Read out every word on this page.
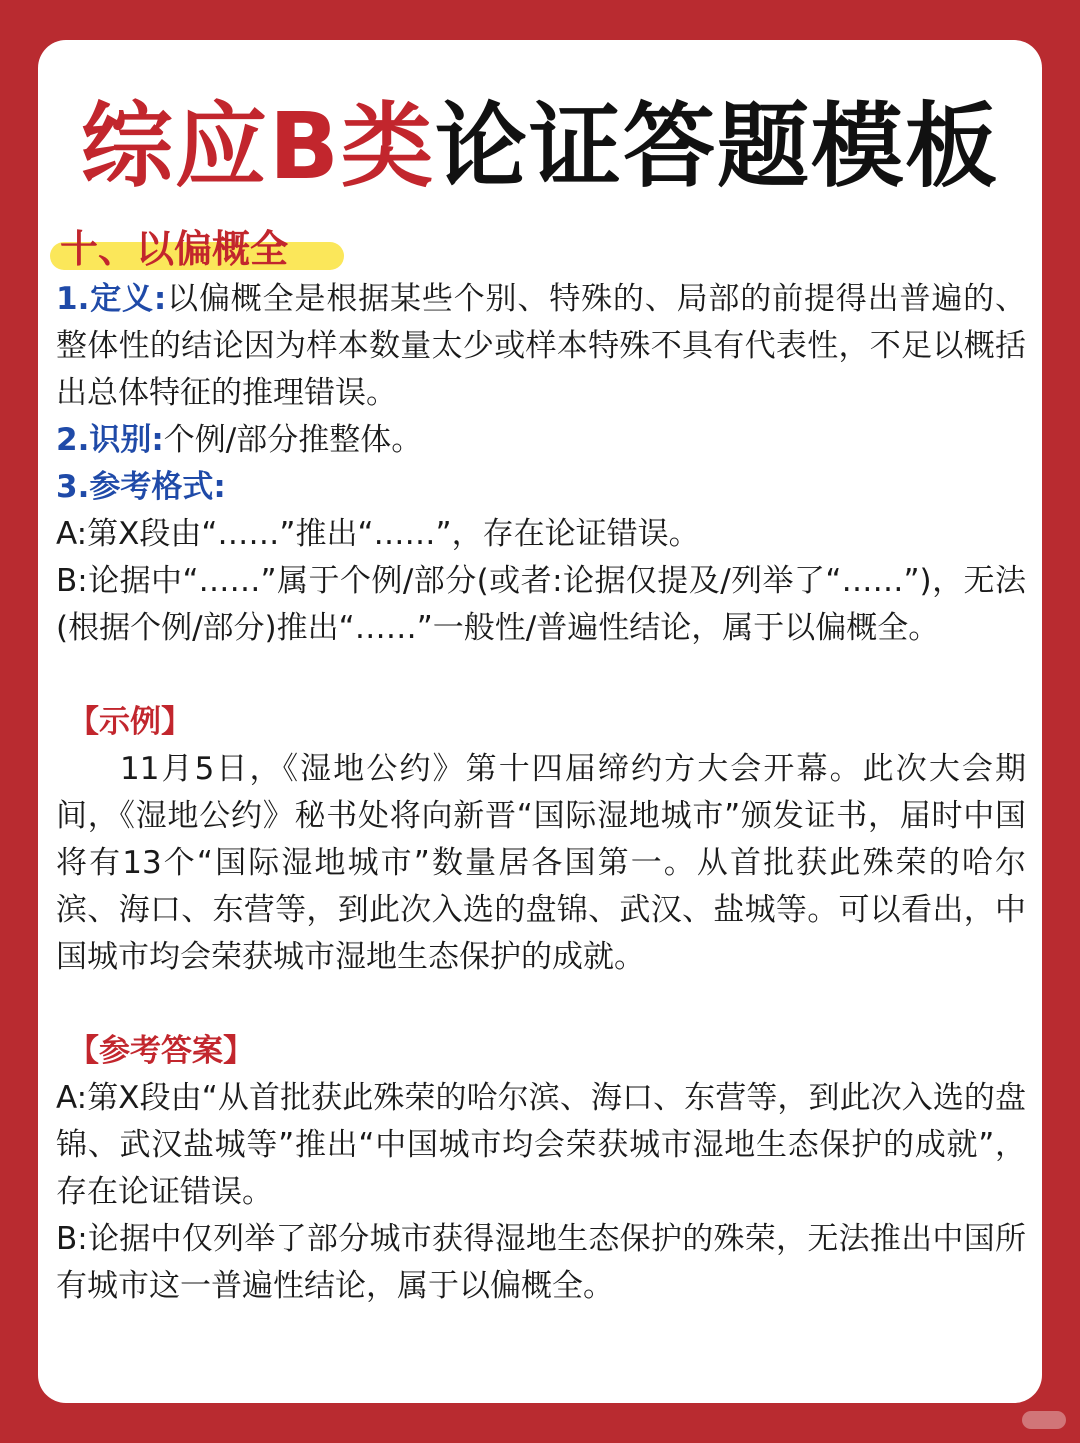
综应B类论证答题模板
十、以偏概全

1.定义:以偏概全是根据某些个别、特殊的、局部的前提得出普遍的、整体性的结论因为样本数量太少或样本特殊不具有代表性，不足以概括出总体特征的推理错误。

2.识别:个例/部分推整体。

3.参考格式:

A:第X段由“……”推出“……”，存在论证错误。

B:论据中“……”属于个例/部分(或者:论据仅提及/列举了“……”)，无法(根据个例/部分)推出“……”一般性/普遍性结论，属于以偏概全。

【示例】

11月5日，《湿地公约》第十四届缔约方大会开幕。此次大会期间，《湿地公约》秘书处将向新晋“国际湿地城市”颁发证书，届时中国将有13个“国际湿地城市”数量居各国第一。从首批获此殊荣的哈尔滨、海口、东营等，到此次入选的盘锦、武汉、盐城等。可以看出，中国城市均会荣获城市湿地生态保护的成就。

【参考答案】

A:第X段由“从首批获此殊荣的哈尔滨、海口、东营等，到此次入选的盘锦、武汉盐城等”推出“中国城市均会荣获城市湿地生态保护的成就”，存在论证错误。

B:论据中仅列举了部分城市获得湿地生态保护的殊荣，无法推出中国所有城市这一普遍性结论，属于以偏概全。
